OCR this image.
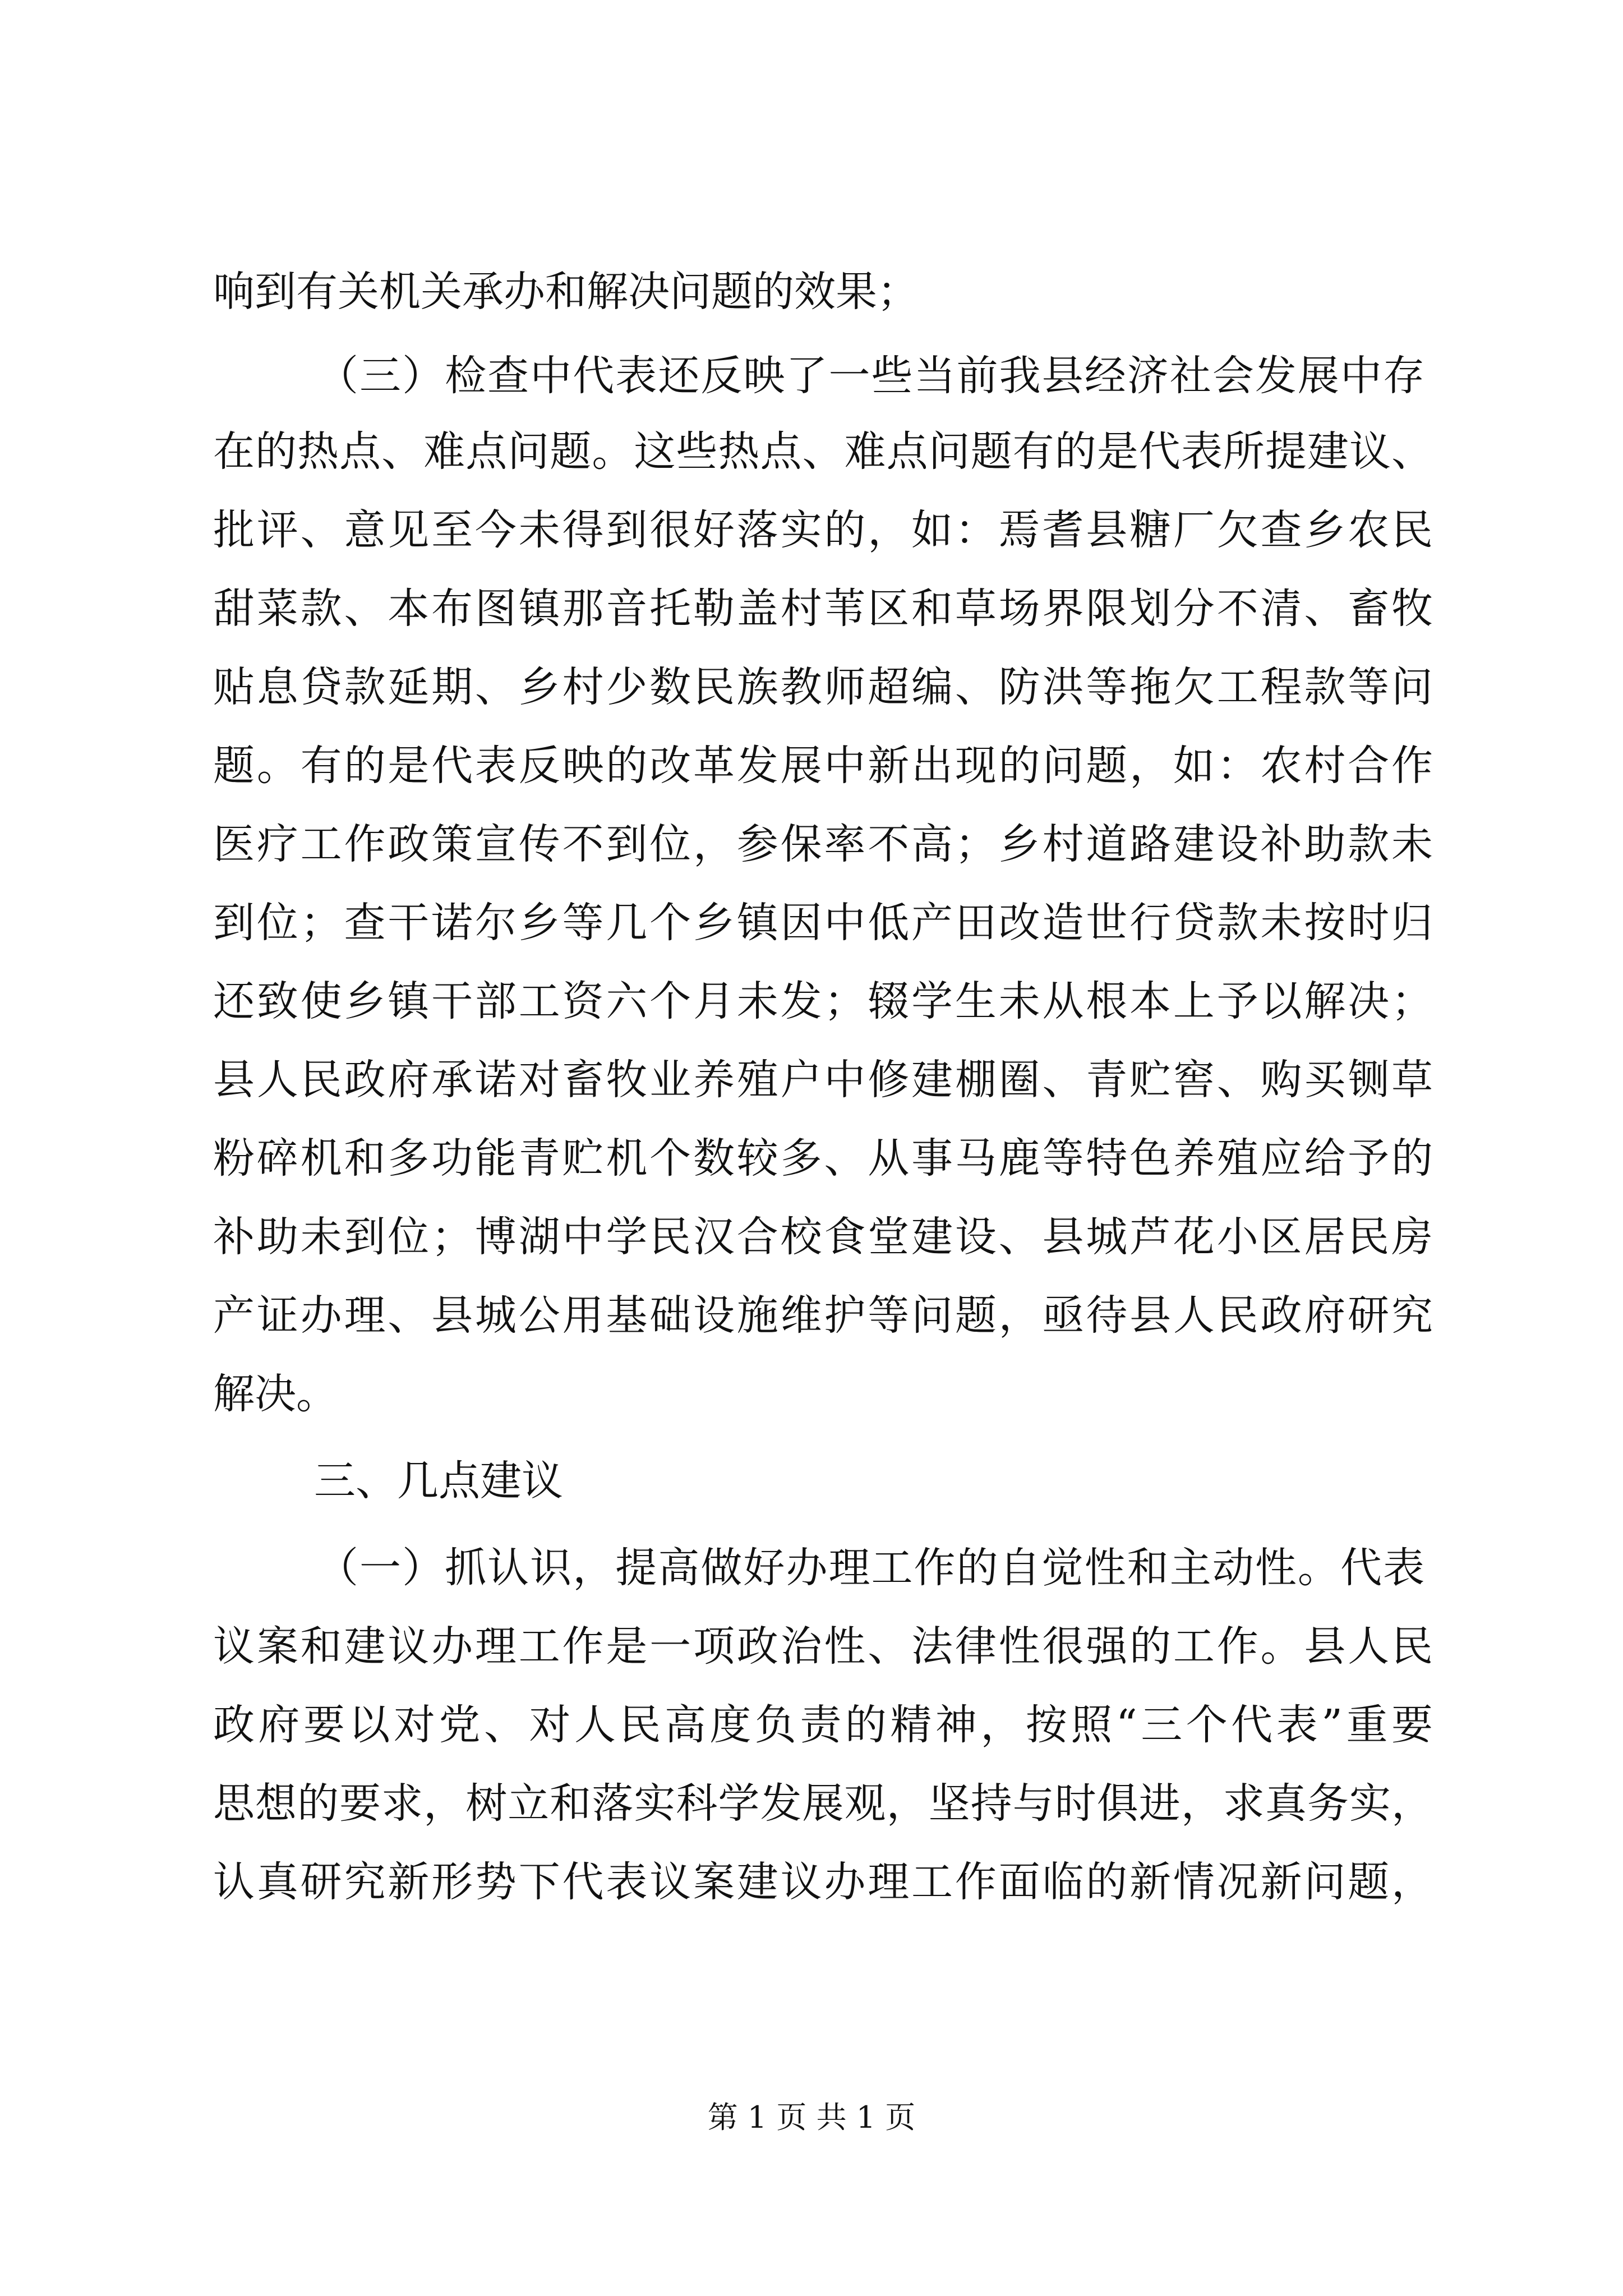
响到有关机关承办和解决问题的效果；
（三）检查中代表还反映了一些当前我县经济社会发展中存
在的热点、难点问题。这些热点、难点问题有的是代表所提建议、
批评、意见至今未得到很好落实的，如：焉耆县糖厂欠查乡农民
甜菜款、本布图镇那音托勒盖村苇区和草场界限划分不清、畜牧
贴息贷款延期、乡村少数民族教师超编、防洪等拖欠工程款等问
题。有的是代表反映的改革发展中新出现的问题，如：农村合作
医疗工作政策宣传不到位，参保率不高；乡村道路建设补助款未
到位；查干诺尔乡等几个乡镇因中低产田改造世行贷款未按时归
还致使乡镇干部工资六个月未发；辍学生未从根本上予以解决；
县人民政府承诺对畜牧业养殖户中修建棚圈、青贮窖、购买铡草
粉碎机和多功能青贮机个数较多、从事马鹿等特色养殖应给予的
补助未到位；博湖中学民汉合校食堂建设、县城芦花小区居民房
产证办理、县城公用基础设施维护等问题，亟待县人民政府研究
解决。
三、几点建议
（一）抓认识，提高做好办理工作的自觉性和主动性。代表
议案和建议办理工作是一项政治性、法律性很强的工作。县人民
政府要以对党、对人民高度负责的精神，按照“三个代表”重要
思想的要求，树立和落实科学发展观，坚持与时俱进，求真务实，
认真研究新形势下代表议案建议办理工作面临的新情况新问题，
第 1 页 共 1 页
